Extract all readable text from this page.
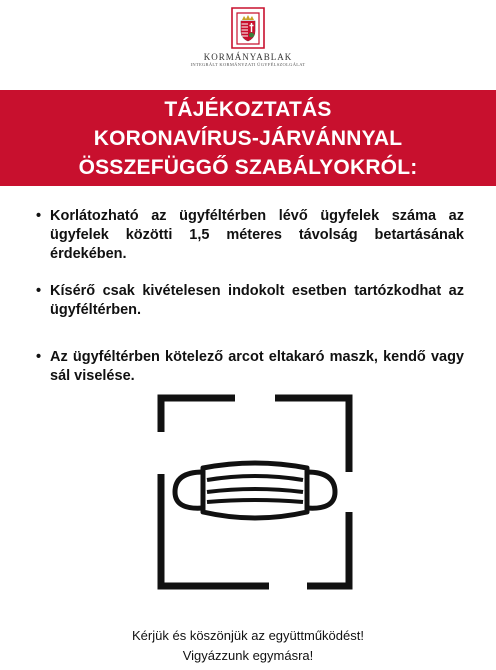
KORMÁNYABLAK
INTEGRÁLT KORMÁNYZATI ÜGYFÉLSZOLGÁLAT
TÁJÉKOZTATÁS
KORONAVÍRUS-JÁRVÁNNYAL
ÖSSZEFÜGGŐ SZABÁLYOKRÓL:
• Korlátozható az ügyféltérben lévő ügyfelek száma az ügyfelek közötti 1,5 méteres távolság betartásának érdekében.
• Kísérő csak kivételesen indokolt esetben tartózkodhat az ügyféltérben.
• Az ügyféltérben kötelező arcot eltakaró maszk, kendő vagy sál viselése.
Kérjük és köszönjük az együttműködést!
Vigyázzunk egymásra!
